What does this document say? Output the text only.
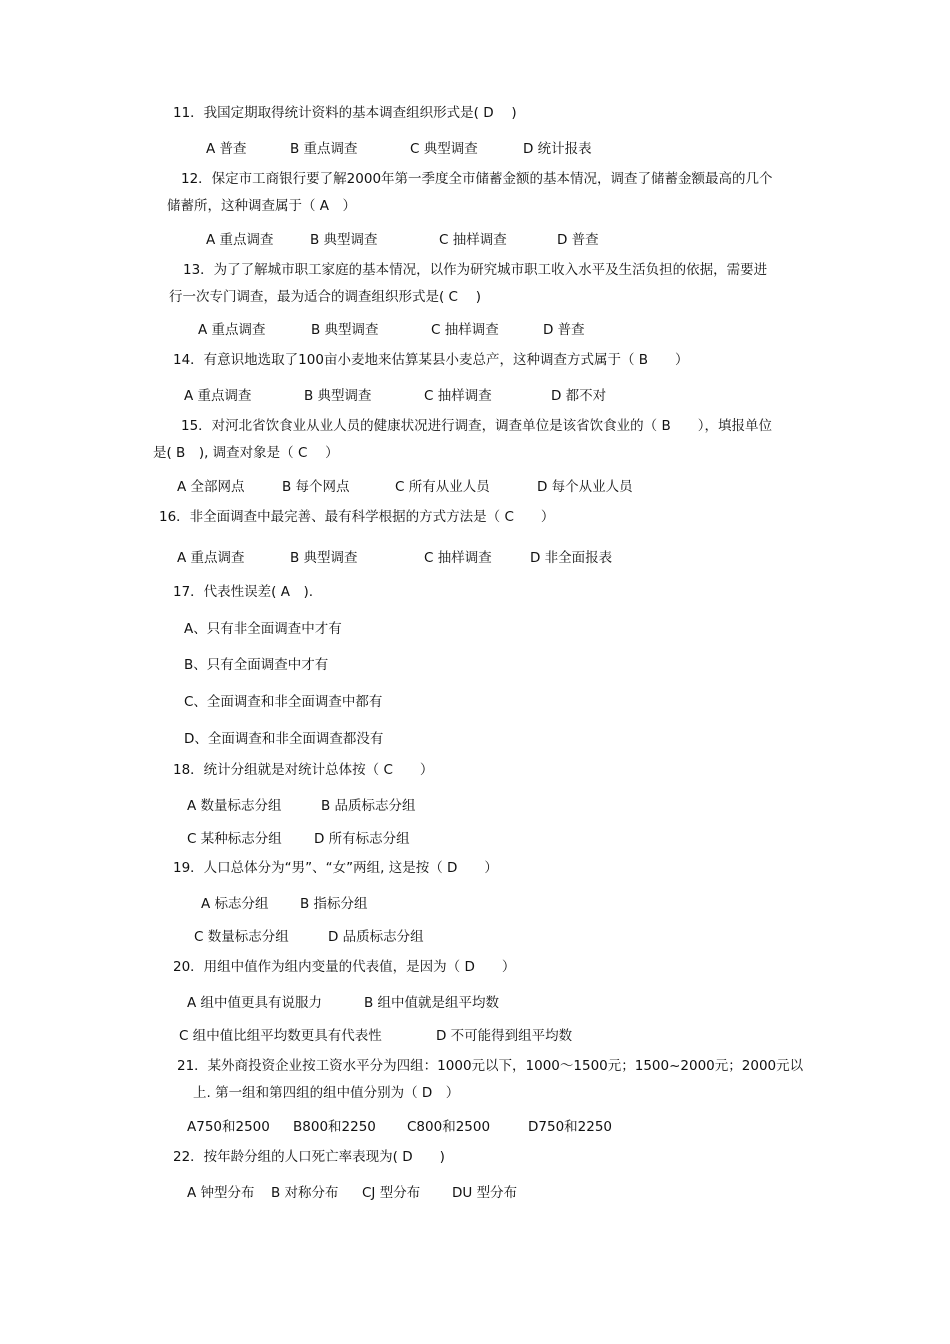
11．我国定期取得统计资料的基本调查组织形式是( D　 )
A 普查	B 重点调查	C 典型调查	D 统计报表
12．保定市工商银行要了解2000年第一季度全市储蓄金额的基本情况，调查了储蓄金额最高的几个
储蓄所，这种调查属于（ A　）
A 重点调查	B 典型调查	C 抽样调查	D 普查
13．为了了解城市职工家庭的基本情况，以作为研究城市职工收入水平及生活负担的依据，需要进
行一次专门调查，最为适合的调查组织形式是( C　 )
A 重点调查	B 典型调查	C 抽样调查	D 普查
14．有意识地选取了100亩小麦地来估算某县小麦总产，这种调查方式属于（ B　　）
A 重点调查	B 典型调查	C 抽样调查	D 都不对
15．对河北省饮食业从业人员的健康状况进行调查，调查单位是该省饮食业的（ B　　），填报单位
是( B　), 调查对象是（ C　 ）
A 全部网点	B 每个网点	C 所有从业人员	D 每个从业人员
16．非全面调查中最完善、最有科学根据的方式方法是（ C　　）
A 重点调查	B 典型调查	C 抽样调查	D 非全面报表
17．代表性误差( A　).
A、只有非全面调查中才有
B、只有全面调查中才有
C、全面调查和非全面调查中都有
D、全面调查和非全面调查都没有
18．统计分组就是对统计总体按（ C　　）
A 数量标志分组	B 品质标志分组
C 某种标志分组 D 所有标志分组
19．人口总体分为“男”、“女”两组, 这是按（ D　　）
A 标志分组 B 指标分组
C 数量标志分组	D 品质标志分组
20．用组中值作为组内变量的代表值，是因为（ D　　）
A 组中值更具有说服力	B 组中值就是组平均数
C 组中值比组平均数更具有代表性	D 不可能得到组平均数
21．某外商投资企业按工资水平分为四组：1000元以下，1000～1500元；1500~2000元；2000元以
上. 第一组和第四组的组中值分别为（ D　）
A750和2500 B800和2250 C800和2500	D750和2250
22．按年龄分组的人口死亡率表现为( D　　)
A 钟型分布 B 对称分布 CJ 型分布 DU 型分布
